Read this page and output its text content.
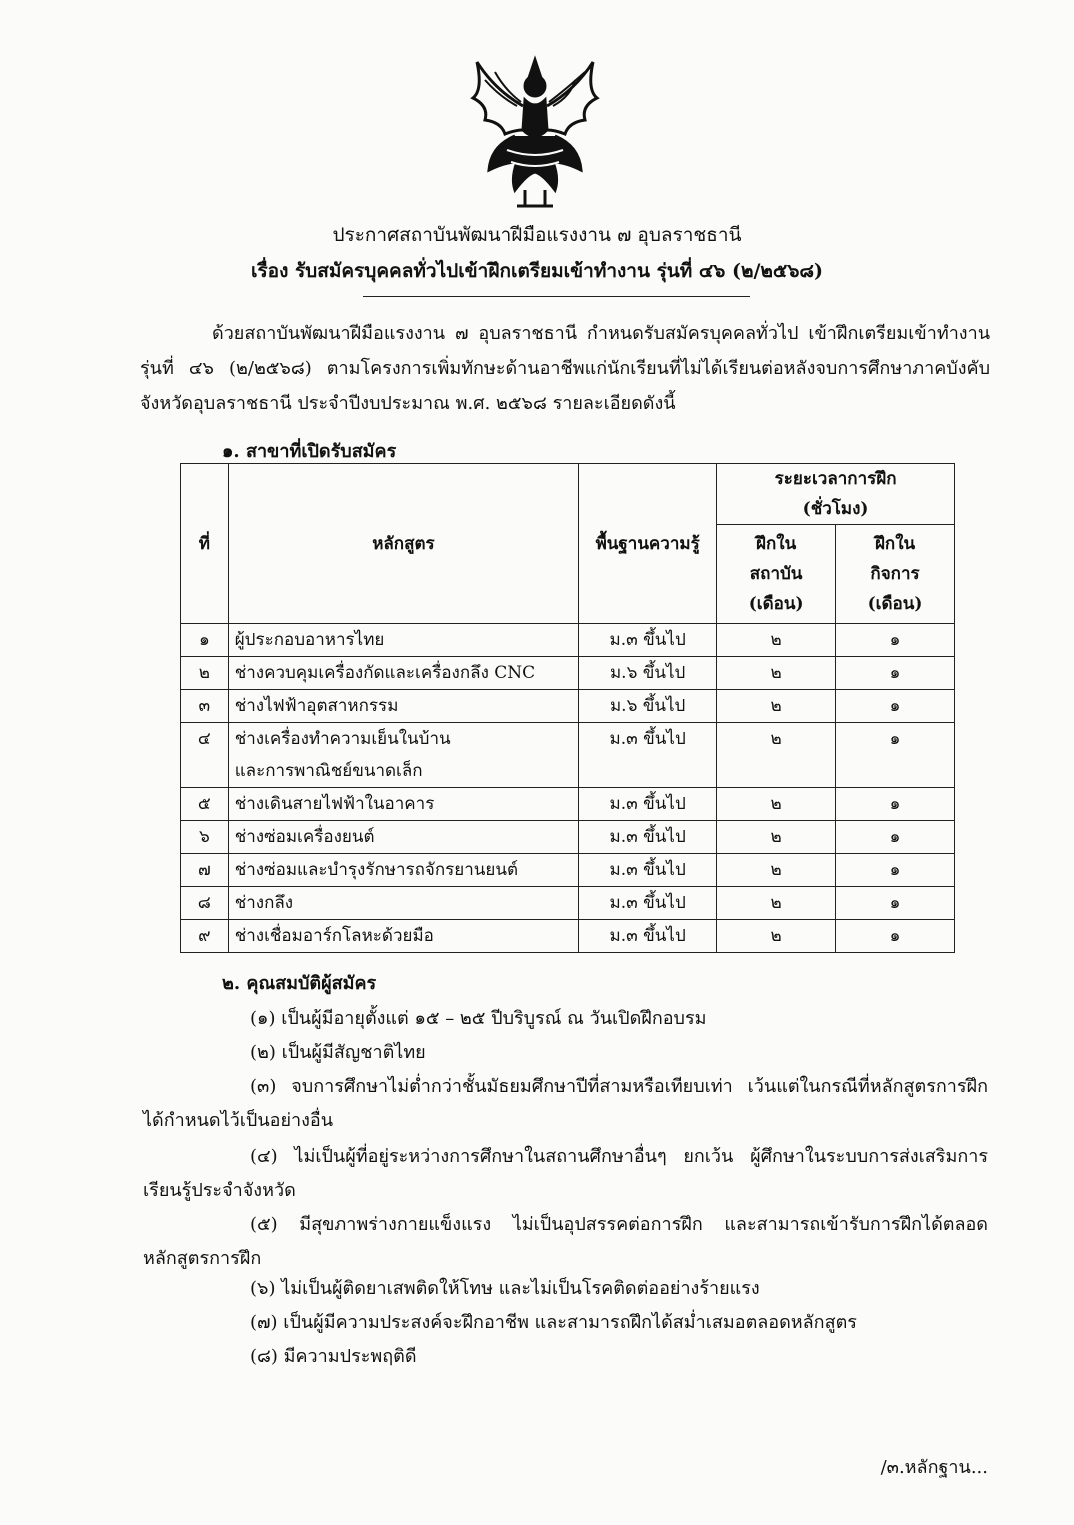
ประกาศสถาบันพัฒนาฝีมือแรงงาน ๗ อุบลราชธานี
เรื่อง รับสมัครบุคคลทั่วไปเข้าฝึกเตรียมเข้าทำงาน รุ่นที่ ๔๖ (๒/๒๕๖๘)
ด้วยสถาบันพัฒนาฝีมือแรงงาน ๗ อุบลราชธานี กำหนดรับสมัครบุคคลทั่วไป เข้าฝึกเตรียมเข้าทำงาน รุ่นที่ ๔๖ (๒/๒๕๖๘) ตามโครงการเพิ่มทักษะด้านอาชีพแก่นักเรียนที่ไม่ได้เรียนต่อหลังจบการศึกษาภาคบังคับจังหวัดอุบลราชธานี ประจำปีงบประมาณ พ.ศ. ๒๕๖๘ รายละเอียดดังนี้
๑. สาขาที่เปิดรับสมัคร
ที่	หลักสูตร	พื้นฐานความรู้	ระยะเวลาการฝึก (ชั่วโมง)	
			ฝึกใน สถาบัน (เดือน)	ฝึกใน กิจการ (เดือน)
๑	ผู้ประกอบอาหารไทย	ม.๓ ขึ้นไป	๒	๑
๒	ช่างควบคุมเครื่องกัดและเครื่องกลึง CNC	ม.๖ ขึ้นไป	๒	๑
๓	ช่างไฟฟ้าอุตสาหกรรม	ม.๖ ขึ้นไป	๒	๑
๔	ช่างเครื่องทำความเย็นในบ้าน
และการพาณิชย์ขนาดเล็ก	ม.๓ ขึ้นไป	๒	๑
๕	ช่างเดินสายไฟฟ้าในอาคาร	ม.๓ ขึ้นไป	๒	๑
๖	ช่างซ่อมเครื่องยนต์	ม.๓ ขึ้นไป	๒	๑
๗	ช่างซ่อมและบำรุงรักษารถจักรยานยนต์	ม.๓ ขึ้นไป	๒	๑
๘	ช่างกลึง	ม.๓ ขึ้นไป	๒	๑
๙	ช่างเชื่อมอาร์กโลหะด้วยมือ	ม.๓ ขึ้นไป	๒	๑
๒. คุณสมบัติผู้สมัคร
(๑) เป็นผู้มีอายุตั้งแต่ ๑๕ – ๒๕ ปีบริบูรณ์ ณ วันเปิดฝึกอบรม
(๒) เป็นผู้มีสัญชาติไทย
(๓) จบการศึกษาไม่ต่ำกว่าชั้นมัธยมศึกษาปีที่สามหรือเทียบเท่า เว้นแต่ในกรณีที่หลักสูตรการฝึกได้กำหนดไว้เป็นอย่างอื่น
(๔) ไม่เป็นผู้ที่อยู่ระหว่างการศึกษาในสถานศึกษาอื่นๆ ยกเว้น ผู้ศึกษาในระบบการส่งเสริมการเรียนรู้ประจำจังหวัด
(๕) มีสุขภาพร่างกายแข็งแรง ไม่เป็นอุปสรรคต่อการฝึก และสามารถเข้ารับการฝึกได้ตลอดหลักสูตรการฝึก
(๖) ไม่เป็นผู้ติดยาเสพติดให้โทษ และไม่เป็นโรคติดต่ออย่างร้ายแรง
(๗) เป็นผู้มีความประสงค์จะฝึกอาชีพ และสามารถฝึกได้สม่ำเสมอตลอดหลักสูตร
(๘) มีความประพฤติดี
/๓.หลักฐาน...
